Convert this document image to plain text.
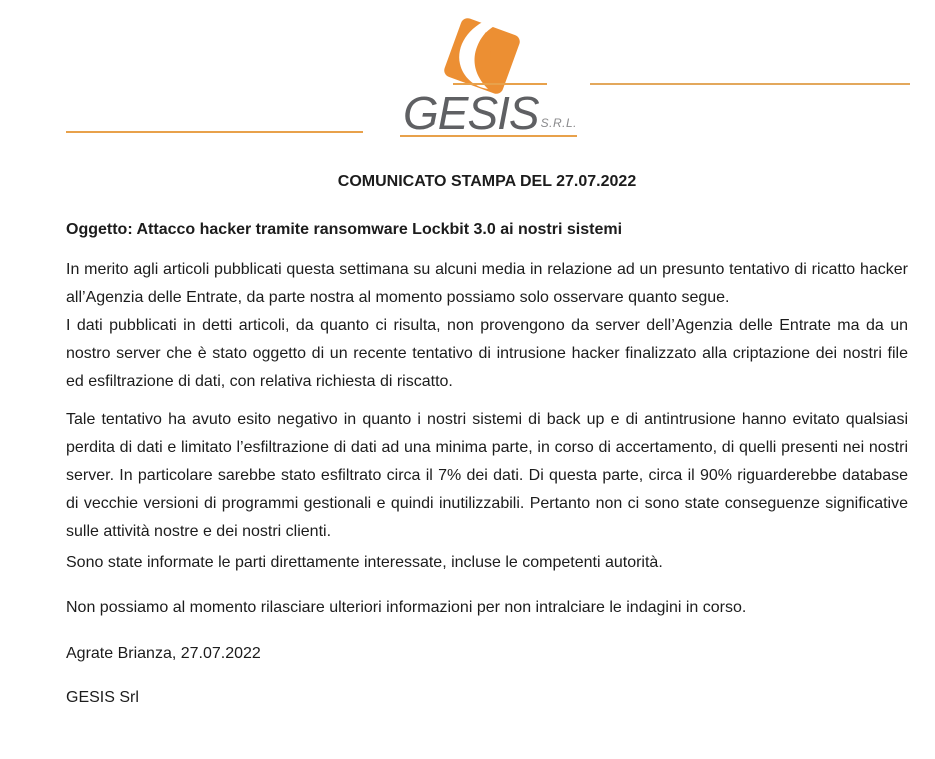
GESIS S.R.L.
COMUNICATO STAMPA DEL 27.07.2022
Oggetto: Attacco hacker tramite ransomware Lockbit 3.0 ai nostri sistemi
In merito agli articoli pubblicati questa settimana su alcuni media in relazione ad un presunto tentativo di ricatto hacker all’Agenzia delle Entrate, da parte nostra al momento possiamo solo osservare quanto segue.
I dati pubblicati in detti articoli, da quanto ci risulta, non provengono da server dell’Agenzia delle Entrate ma da un nostro server che è stato oggetto di un recente tentativo di intrusione hacker finalizzato alla criptazione dei nostri file ed esfiltrazione di dati, con relativa richiesta di riscatto.
Tale tentativo ha avuto esito negativo in quanto i nostri sistemi di back up e di antintrusione hanno evitato qualsiasi perdita di dati e limitato l’esfiltrazione di dati ad una minima parte, in corso di accertamento, di quelli presenti nei nostri server. In particolare sarebbe stato esfiltrato circa il 7% dei dati. Di questa parte, circa il 90% riguarderebbe database di vecchie versioni di programmi gestionali e quindi inutilizzabili. Pertanto non ci sono state conseguenze significative sulle attività nostre e dei nostri clienti.
Sono state informate le parti direttamente interessate, incluse le competenti autorità.
Non possiamo al momento rilasciare ulteriori informazioni per non intralciare le indagini in corso.
Agrate Brianza, 27.07.2022
GESIS Srl
